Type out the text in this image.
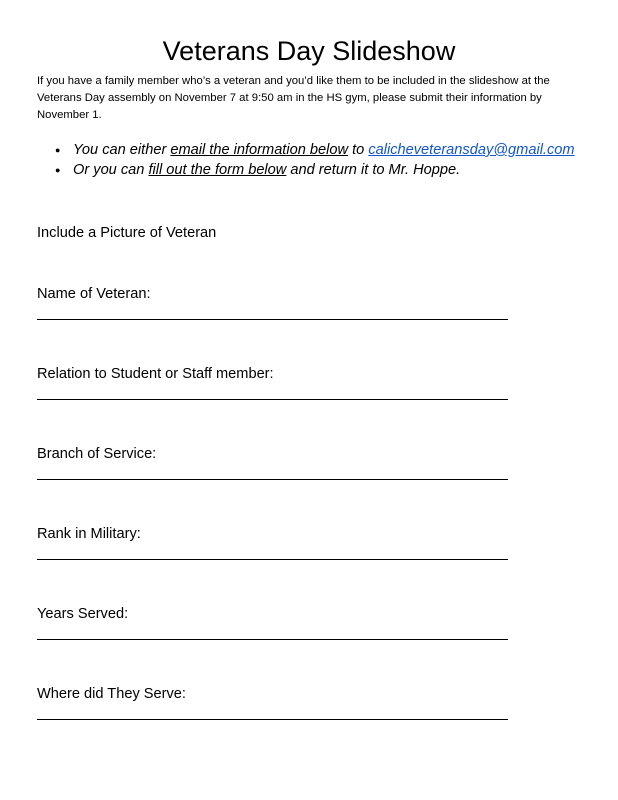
Veterans Day Slideshow

If you have a family member who’s a veteran and you’d like them to be included in the slideshow at the Veterans Day assembly on November 7 at 9:50 am in the HS gym, please submit their information by November 1.

● You can either email the information below to calicheveteransday@gmail.com
● Or you can fill out the form below and return it to Mr. Hoppe.

Include a Picture of Veteran

Name of Veteran:

Relation to Student or Staff member:

Branch of Service:

Rank in Military:

Years Served:

Where did They Serve:
